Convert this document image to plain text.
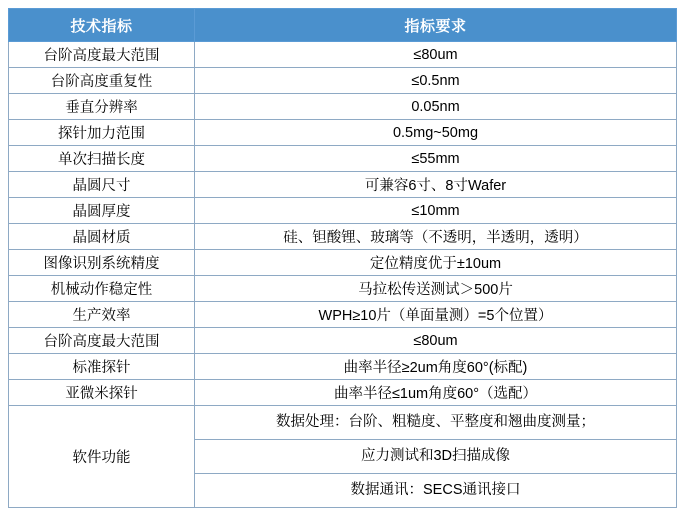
技术指标	指标要求
台阶高度最大范围	≤80um
台阶高度重复性	≤0.5nm
垂直分辨率	0.05nm
探针加力范围	0.5mg~50mg
单次扫描长度	≤55mm
晶圆尺寸	可兼容6寸、8寸Wafer
晶圆厚度	≤10mm
晶圆材质	硅、钽酸锂、玻璃等（不透明，半透明，透明）
图像识别系统精度	定位精度优于±10um
机械动作稳定性	马拉松传送测试＞500片
生产效率	WPH≥10片（单面量测）=5个位置）
台阶高度最大范围	≤80um
标准探针	曲率半径≥2um角度60°(标配)
亚微米探针	曲率半径≤1um角度60°（选配）
软件功能	数据处理：台阶、粗糙度、平整度和翘曲度测量；
应力测试和3D扫描成像
数据通讯：SECS通讯接口
